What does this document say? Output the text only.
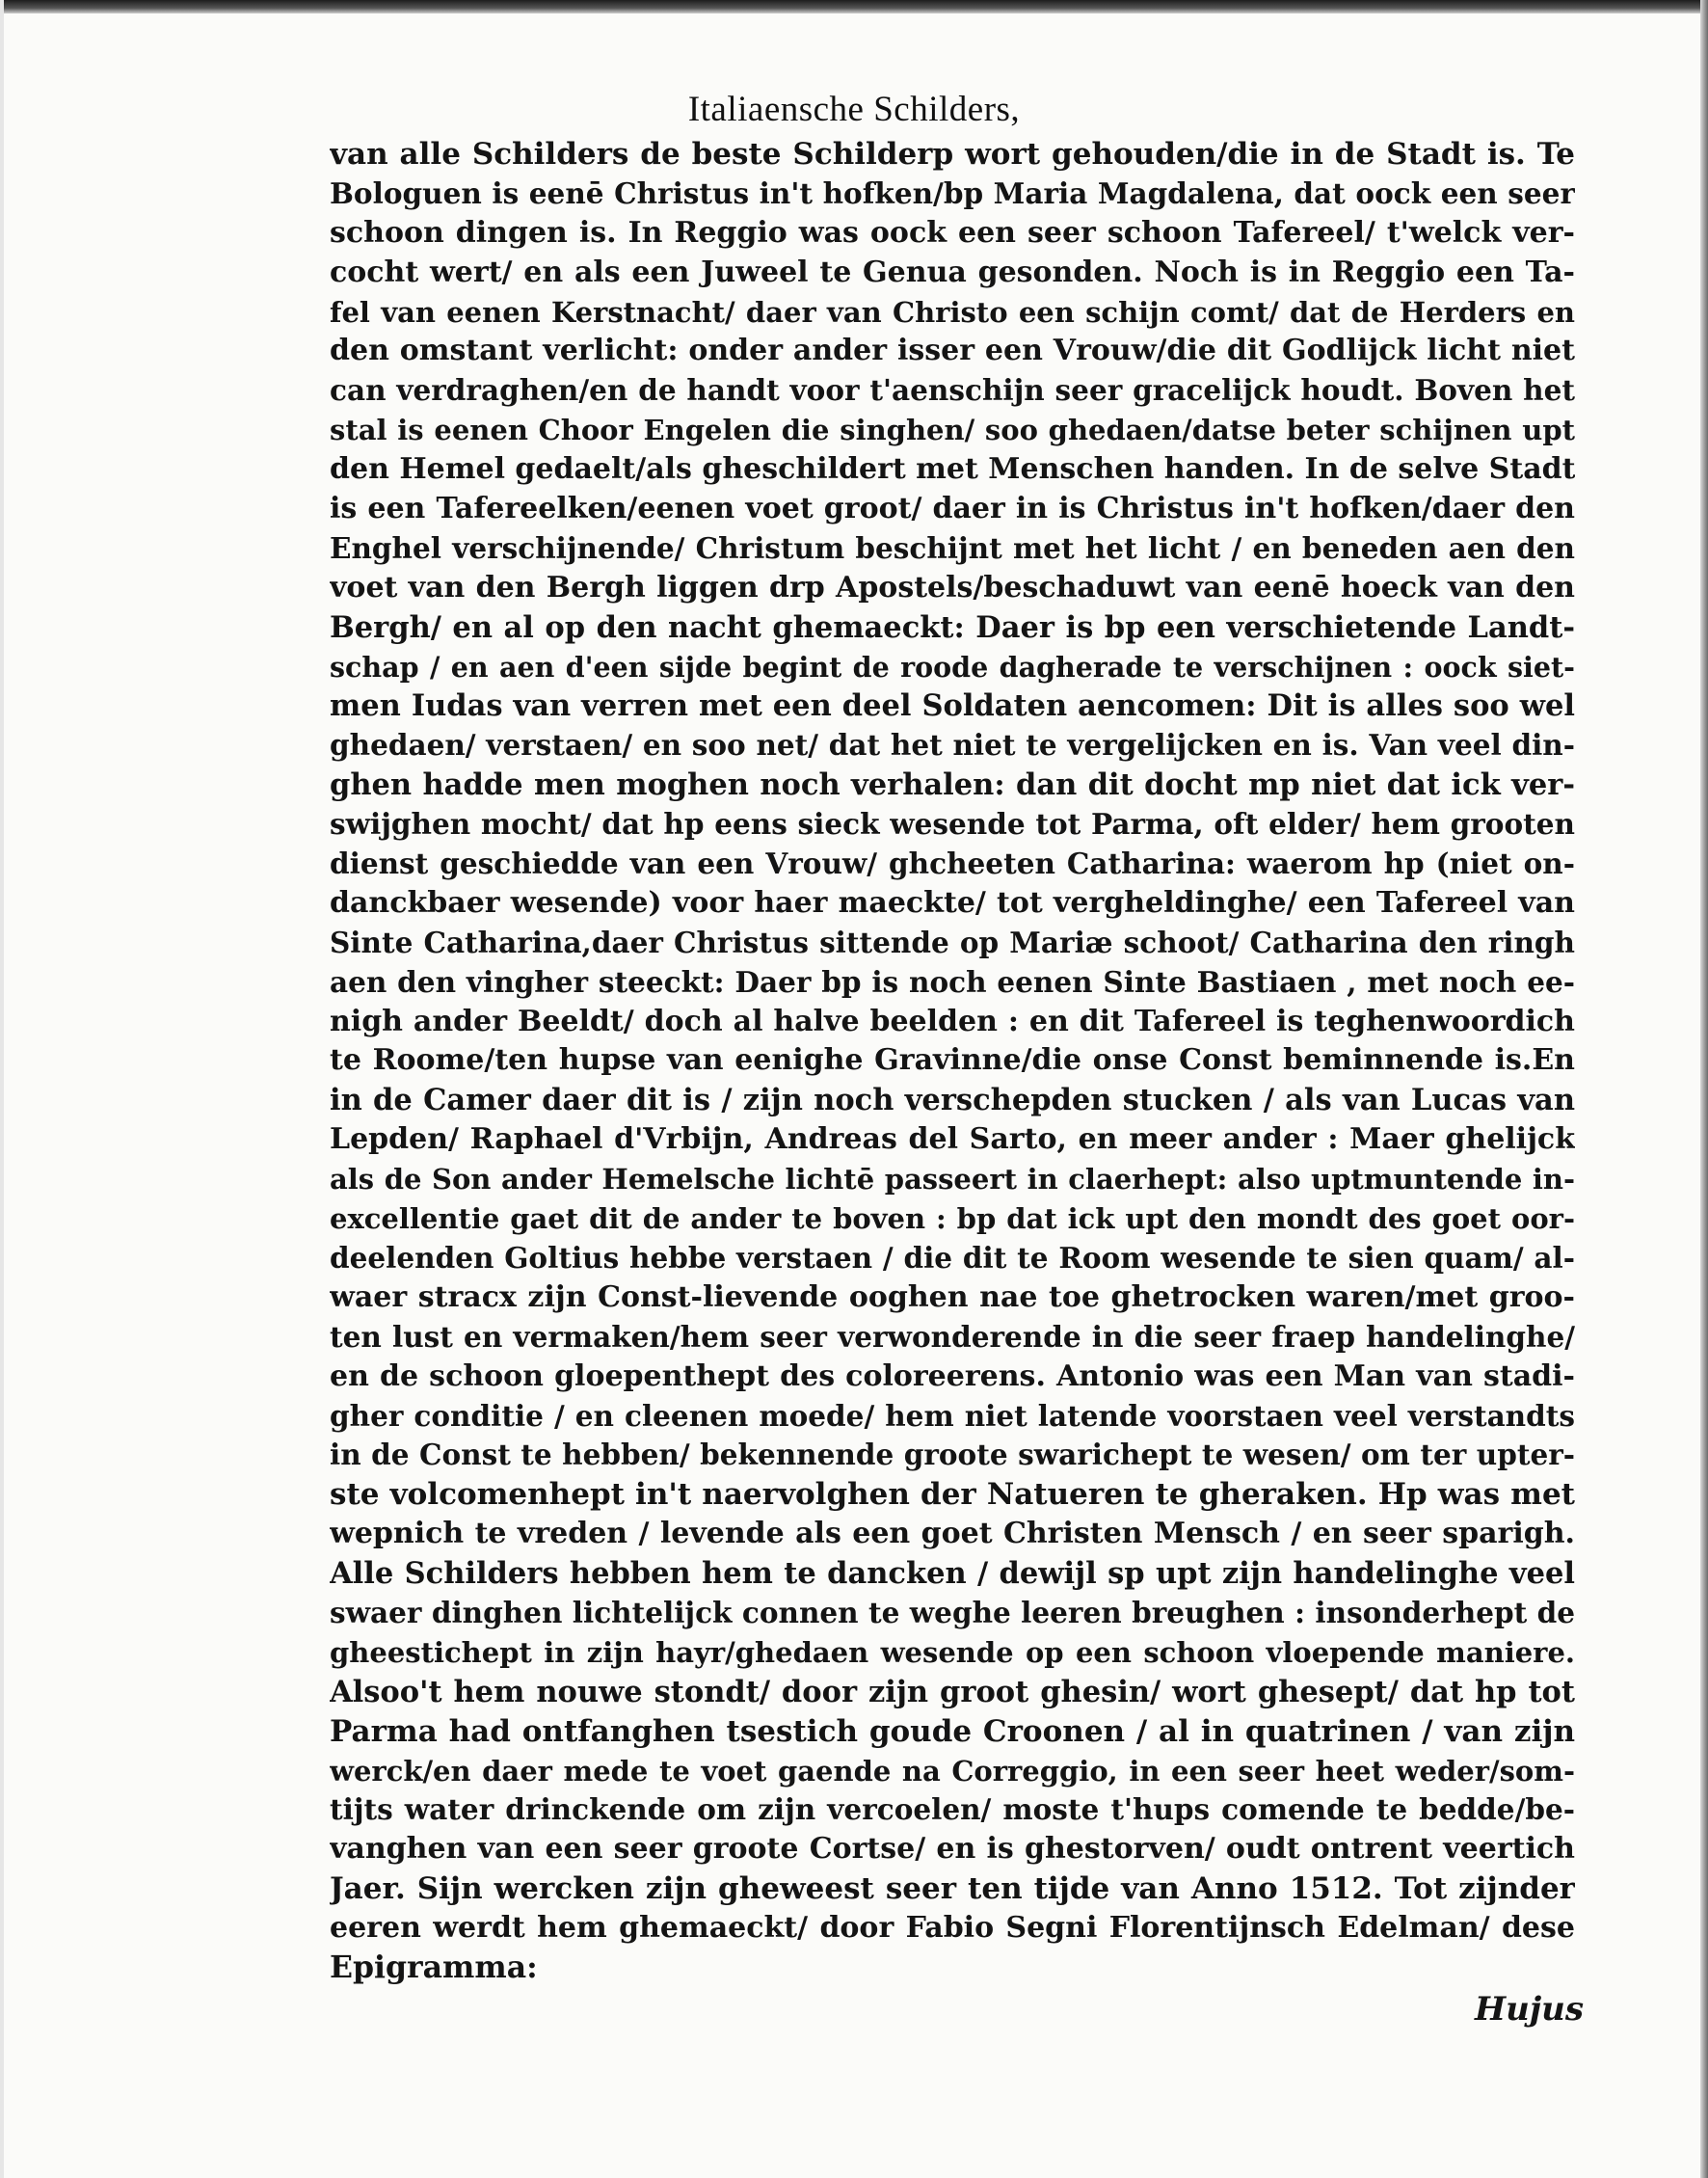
Italiaensche Schilders,
van alle Schilders de beste Schilderp wort gehouden/die in de Stadt is. Te
Bologuen is eenē Christus in't hofken/bp Maria Magdalena, dat oock een seer
schoon dingen is. In Reggio was oock een seer schoon Tafereel/ t'welck ver-
cocht wert/ en als een Juweel te Genua gesonden. Noch is in Reggio een Ta-
fel van eenen Kerstnacht/ daer van Christo een schijn comt/ dat de Herders en
den omstant verlicht: onder ander isser een Vrouw/die dit Godlijck licht niet
can verdraghen/en de handt voor t'aenschijn seer gracelijck houdt. Boven het
stal is eenen Choor Engelen die singhen/ soo ghedaen/datse beter schijnen upt
den Hemel gedaelt/als gheschildert met Menschen handen. In de selve Stadt
is een Tafereelken/eenen voet groot/ daer in is Christus in't hofken/daer den
Enghel verschijnende/ Christum beschijnt met het licht / en beneden aen den
voet van den Bergh liggen drp Apostels/beschaduwt van eenē hoeck van den
Bergh/ en al op den nacht ghemaeckt: Daer is bp een verschietende Landt-
schap / en aen d'een sijde begint de roode dagherade te verschijnen : oock siet-
men Iudas van verren met een deel Soldaten aencomen: Dit is alles soo wel
ghedaen/ verstaen/ en soo net/ dat het niet te vergelijcken en is. Van veel din-
ghen hadde men moghen noch verhalen: dan dit docht mp niet dat ick ver-
swijghen mocht/ dat hp eens sieck wesende tot Parma, oft elder/ hem grooten
dienst geschiedde van een Vrouw/ ghcheeten Catharina: waerom hp (niet on-
danckbaer wesende) voor haer maeckte/ tot vergheldinghe/ een Tafereel van
Sinte Catharina,daer Christus sittende op Mariæ schoot/ Catharina den ringh
aen den vingher steeckt: Daer bp is noch eenen Sinte Bastiaen , met noch ee-
nigh ander Beeldt/ doch al halve beelden : en dit Tafereel is teghenwoordich
te Roome/ten hupse van eenighe Gravinne/die onse Const beminnende is.En
in de Camer daer dit is / zijn noch verschepden stucken / als van Lucas van
Lepden/ Raphael d'Vrbijn, Andreas del Sarto, en meer ander : Maer ghelijck
als de Son ander Hemelsche lichtē passeert in claerhept: also uptmuntende in-
excellentie gaet dit de ander te boven : bp dat ick upt den mondt des goet oor-
deelenden Goltius hebbe verstaen / die dit te Room wesende te sien quam/ al-
waer stracx zijn Const-lievende ooghen nae toe ghetrocken waren/met groo-
ten lust en vermaken/hem seer verwonderende in die seer fraep handelinghe/
en de schoon gloepenthept des coloreerens. Antonio was een Man van stadi-
gher conditie / en cleenen moede/ hem niet latende voorstaen veel verstandts
in de Const te hebben/ bekennende groote swarichept te wesen/ om ter upter-
ste volcomenhept in't naervolghen der Natueren te gheraken. Hp was met
wepnich te vreden / levende als een goet Christen Mensch / en seer sparigh.
Alle Schilders hebben hem te dancken / dewijl sp upt zijn handelinghe veel
swaer dinghen lichtelijck connen te weghe leeren breughen : insonderhept de
gheestichept in zijn hayr/ghedaen wesende op een schoon vloepende maniere.
Alsoo't hem nouwe stondt/ door zijn groot ghesin/ wort ghesept/ dat hp tot
Parma had ontfanghen tsestich goude Croonen / al in quatrinen / van zijn
werck/en daer mede te voet gaende na Correggio, in een seer heet weder/som-
tijts water drinckende om zijn vercoelen/ moste t'hups comende te bedde/be-
vanghen van een seer groote Cortse/ en is ghestorven/ oudt ontrent veertich
Jaer. Sijn wercken zijn gheweest seer ten tijde van Anno 1512. Tot zijnder
eeren werdt hem ghemaeckt/ door Fabio Segni Florentijnsch Edelman/ dese
Epigramma:
Hujus
